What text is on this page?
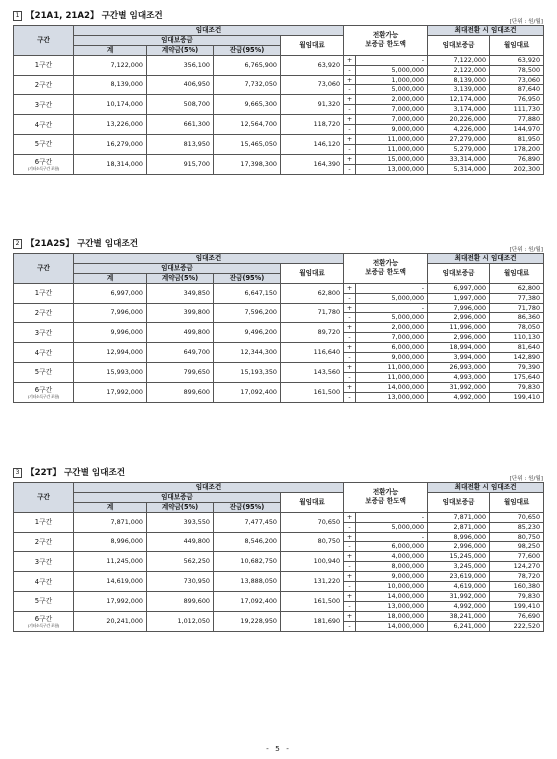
1 【21A1, 21A2】 구간별 임대조건
[단위 : 원/월]
구간	임대조건				전환가능
보증금 한도액		최대전환 시 임대조건	
	임대보증금			월임대료			임대보증금	월임대료
	계	계약금(5%)	잔금(95%)					
1구간	7,122,000	356,100	6,765,900	63,920	+	-	7,122,000	63,920
					-	5,000,000	2,122,000	78,500
2구간	8,139,000	406,950	7,732,050	73,060	+	1,000,000	8,139,000	73,060
					-	5,000,000	3,139,000	87,640
3구간	10,174,000	508,700	9,665,300	91,320	+	2,000,000	12,174,000	76,950
					-	7,000,000	3,174,000	111,730
4구간	13,226,000	661,300	12,564,700	118,720	+	7,000,000	20,226,000	77,880
					-	9,000,000	4,226,000	144,970
5구간	16,279,000	813,950	15,465,050	146,120	+	11,000,000	27,279,000	81,950
					-	11,000,000	5,279,000	178,200
6구간
(기타소득구간 포함)	18,314,000	915,700	17,398,300	164,390	+	15,000,000	33,314,000	76,890
					-	13,000,000	5,314,000	202,300
2 【21A2S】 구간별 임대조건
[단위 : 원/월]
구간	임대조건				전환가능
보증금 한도액		최대전환 시 임대조건	
	임대보증금			월임대료			임대보증금	월임대료
	계	계약금(5%)	잔금(95%)					
1구간	6,997,000	349,850	6,647,150	62,800	+	-	6,997,000	62,800
					-	5,000,000	1,997,000	77,380
2구간	7,996,000	399,800	7,596,200	71,780	+	-	7,996,000	71,780
					-	5,000,000	2,996,000	86,360
3구간	9,996,000	499,800	9,496,200	89,720	+	2,000,000	11,996,000	78,050
					-	7,000,000	2,996,000	110,130
4구간	12,994,000	649,700	12,344,300	116,640	+	6,000,000	18,994,000	81,640
					-	9,000,000	3,994,000	142,890
5구간	15,993,000	799,650	15,193,350	143,560	+	11,000,000	26,993,000	79,390
					-	11,000,000	4,993,000	175,640
6구간
(기타소득구간 포함)	17,992,000	899,600	17,092,400	161,500	+	14,000,000	31,992,000	79,830
					-	13,000,000	4,992,000	199,410
3 【22T】 구간별 임대조건
[단위 : 원/월]
구간	임대조건				전환가능
보증금 한도액		최대전환 시 임대조건	
	임대보증금			월임대료			임대보증금	월임대료
	계	계약금(5%)	잔금(95%)					
1구간	7,871,000	393,550	7,477,450	70,650	+	-	7,871,000	70,650
					-	5,000,000	2,871,000	85,230
2구간	8,996,000	449,800	8,546,200	80,750	+	-	8,996,000	80,750
					-	6,000,000	2,996,000	98,250
3구간	11,245,000	562,250	10,682,750	100,940	+	4,000,000	15,245,000	77,600
					-	8,000,000	3,245,000	124,270
4구간	14,619,000	730,950	13,888,050	131,220	+	9,000,000	23,619,000	78,720
					-	10,000,000	4,619,000	160,380
5구간	17,992,000	899,600	17,092,400	161,500	+	14,000,000	31,992,000	79,830
					-	13,000,000	4,992,000	199,410
6구간
(기타소득구간 포함)	20,241,000	1,012,050	19,228,950	181,690	+	18,000,000	38,241,000	76,690
					-	14,000,000	6,241,000	222,520
- 5 -
